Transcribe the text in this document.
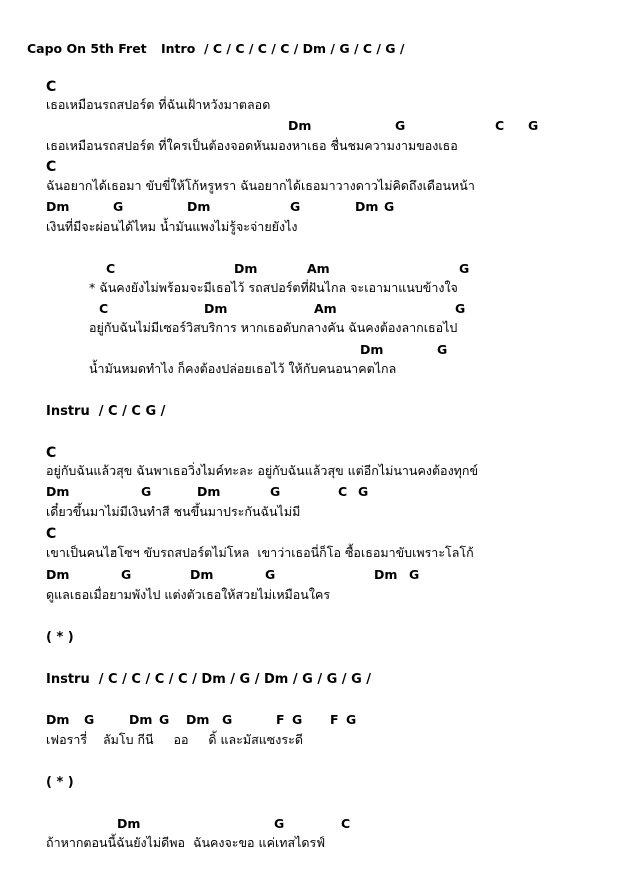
Capo On 5th Fret Intro  / C / C / C / C / Dm / G / C / G /
C
เธอเหมือนรถสปอร์ต ที่ฉันเฝ้าหวังมาตลอด
Dm	G	C G
เธอเหมือนรถสปอร์ต ที่ใครเป็นต้องจอดหันมองหาเธอ ชื่นชมความงามของเธอ
C
ฉันอยากได้เธอมา ขับขี่ให้โก้หรูหรา ฉันอยากได้เธอมาวางดาวไม่คิดถึงเดือนหน้า
Dm	G	Dm	G	Dm G
เงินที่มีจะผ่อนได้ไหม น้ำมันแพงไม่รู้จะจ่ายยังไง
C	Dm	Am	G
* ฉันคงยังไม่พร้อมจะมีเธอไว้ รถสปอร์ตที่ฝันไกล จะเอามาแนบข้างใจ
C	Dm	Am	G
อยู่กับฉันไม่มีเซอร์วิสบริการ หากเธอดับกลางคัน ฉันคงต้องลากเธอไป
Dm	G
น้ำมันหมดทำไง ก็คงต้องปล่อยเธอไว้ ให้กับคนอนาคตไกล
Instru  / C / C G /
C
อยู่กับฉันแล้วสุข ฉันพาเธอวิ่งไมค์ทะละ อยู่กับฉันแล้วสุข แต่อีกไม่นานคงต้องทุกข์
Dm	G	Dm	G	C G
เดี๋ยวขึ้นมาไม่มีเงินทำสี ชนขึ้นมาประกันฉันไม่มี
C
เขาเป็นคนไฮโซฯ ขับรถสปอร์ตไม่โหล  เขาว่าเธอนี่ก็โอ ซื้อเธอมาขับเพราะโลโก้
Dm	G	Dm	G	Dm G
ดูแลเธอเมื่อยามพังไป แต่งตัวเธอให้สวยไม่เหมือนใคร
( * )
Instru  / C / C / C / C / Dm / G / Dm / G / G / G /
Dm G	Dm G Dm G	F G F G
เฟอรารี่    ลัมโบ กีนี     ออ     ดิ้ และมัสแซงระดี
( * )
Dm	G	C
ถ้าหากตอนนี้ฉันยังไม่ดีพอ  ฉันคงจะขอ แค่เทสไดรฟ์
